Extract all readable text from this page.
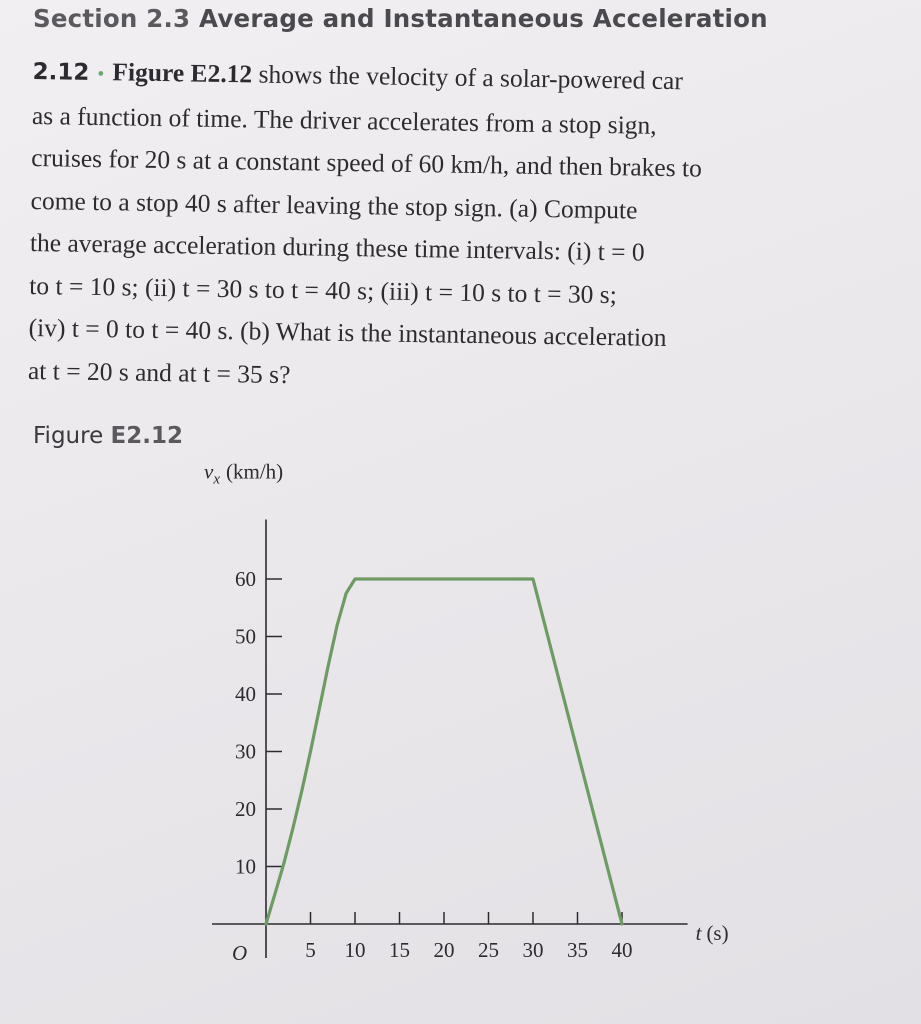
Section 2.3 Average and Instantaneous Acceleration
2.12 • Figure E2.12 shows the velocity of a solar-powered car
as a function of time. The driver accelerates from a stop sign,
cruises for 20 s at a constant speed of 60 km/h, and then brakes to
come to a stop 40 s after leaving the stop sign. (a) Compute
the average acceleration during these time intervals: (i) t = 0
to t = 10 s; (ii) t = 30 s to t = 40 s; (iii) t = 10 s to t = 30 s;
(iv) t = 0 to t = 40 s. (b) What is the instantaneous acceleration
at t = 20 s and at t = 35 s?
Figure E2.12
10
20
30
40
50
60
5 10 15 20 25 30 35 40
$v_x$ (km/h)
t (s)
O
